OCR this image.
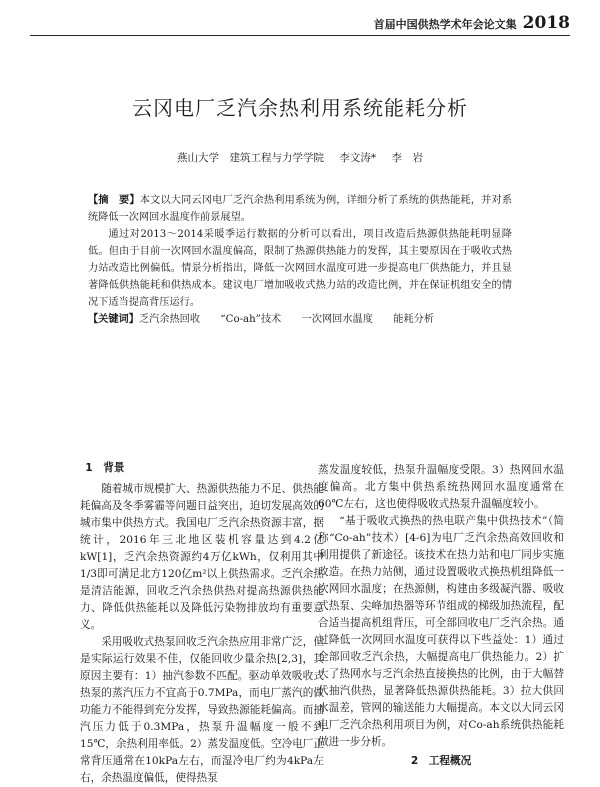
首届中国供热学术年会论文集 2018
云冈电厂乏汽余热利用系统能耗分析
燕山大学　建筑工程与力学学院 李文涛* 李　岩

【摘　要】本文以大同云冈电厂乏汽余热利用系统为例，详细分析了系统的供热能耗，并对系统降低一次网回水温度作前景展望。

通过对2013～2014采暖季运行数据的分析可以看出，项目改造后热源供热能耗明显降低。但由于目前一次网回水温度偏高，限制了热源供热能力的发挥，其主要原因在于吸收式热力站改造比例偏低。情景分析指出，降低一次网回水温度可进一步提高电厂供热能力，并且显著降低供热能耗和供热成本。建议电厂增加吸收式热力站的改造比例，并在保证机组安全的情况下适当提高背压运行。

【关键词】乏汽余热回收　　“Co-ah”技术　　一次网回水温度　　能耗分析

1　背景

随着城市规模扩大、热源供热能力不足、供热能耗偏高及冬季雾霾等问题日益突出，迫切发展高效的城市集中供热方式。我国电厂乏汽余热资源丰富，据统计，2016年三北地区装机容量达到4.2亿kW[1]，乏汽余热资源约4万亿kWh，仅利用其中1/3即可满足北方120亿m²以上供热需求。乏汽余热是清洁能源，回收乏汽余热供热对提高热源供热能力、降低供热能耗以及降低污染物排放均有重要意义。

采用吸收式热泵回收乏汽余热应用非常广泛，但是实际运行效果不佳，仅能回收少量余热[2,3]，其原因主要有：1）抽汽参数不匹配。驱动单效吸收式热泵的蒸汽压力不宜高于0.7MPa，而电厂蒸汽的做功能力不能得到充分发挥，导致热源能耗偏高。而抽汽压力低于0.3MPa，热泵升温幅度一般不到15℃，余热利用率低。2）蒸发温度低。空冷电厂正常背压通常在10kPa左右，而湿冷电厂约为4kPa左右，余热温度偏低，使得热泵

蒸发温度较低，热泵升温幅度受限。3）热网回水温度偏高。北方集中供热系统热网回水温度通常在60℃左右，这也使得吸收式热泵升温幅度较小。

“基于吸收式换热的热电联产集中供热技术”（简称“Co-ah”技术）[4-6]为电厂乏汽余热高效回收和利用提供了新途径。该技术在热力站和电厂同步实施改造。在热力站侧，通过设置吸收式换热机组降低一次网回水温度；在热源侧，构建由多级凝汽器、吸收式热泵、尖峰加热器等环节组成的梯级加热流程，配合适当提高机组背压，可全部回收电厂乏汽余热。通过降低一次网回水温度可获得以下些益处：1）通过全部回收乏汽余热，大幅提高电厂供热能力。2）扩大了热网水与乏汽余热直接换热的比例，由于大幅替代抽汽供热，显著降低热源供热能耗。3）拉大供回水温差，管网的输送能力大幅提高。本文以大同云冈电厂乏汽余热利用项目为例，对Co-ah系统供热能耗做进一步分析。

2　工程概况
